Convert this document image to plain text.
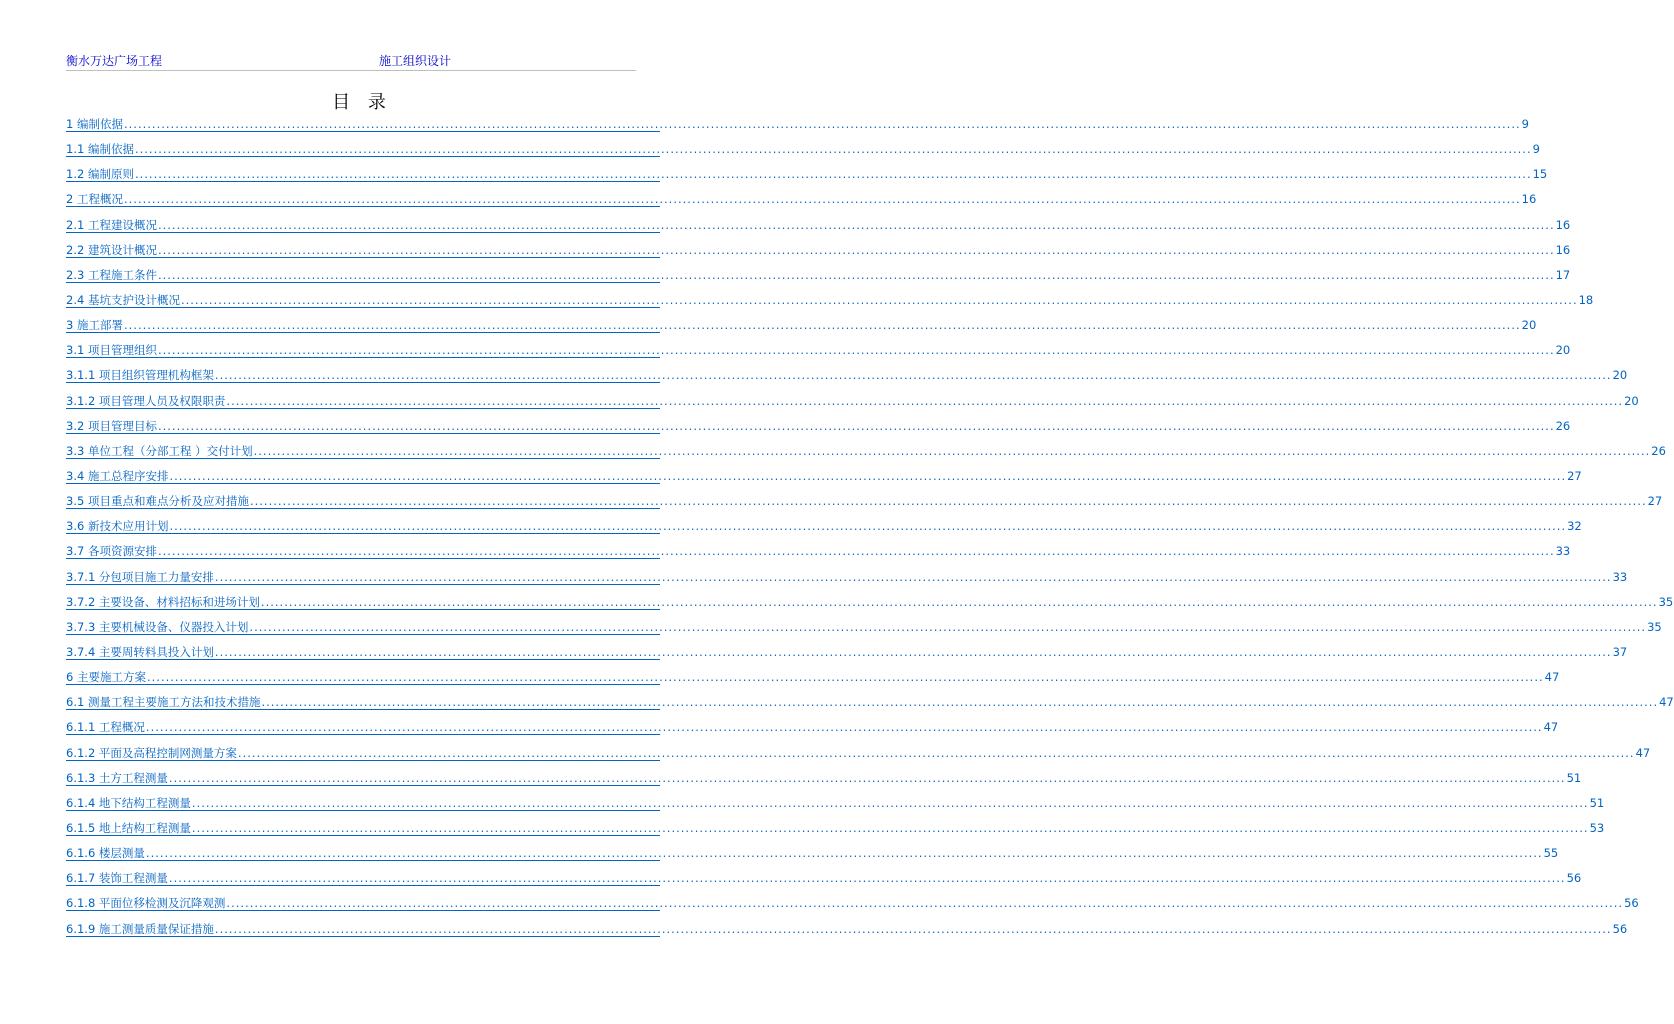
衡水万达广场工程	施工组织设计
目 录
1 编制依据 ............................................................................................................................................................................................................................................................................................................ 9
1.1 编制依据 ............................................................................................................................................................................................................................................................................................................ 9
1.2 编制原则 ............................................................................................................................................................................................................................................................................................................ 15
2 工程概况 ............................................................................................................................................................................................................................................................................................................ 16
2.1 工程建设概况 ............................................................................................................................................................................................................................................................................................................ 16
2.2 建筑设计概况 ............................................................................................................................................................................................................................................................................................................ 16
2.3 工程施工条件 ............................................................................................................................................................................................................................................................................................................ 17
2.4 基坑支护设计概况 ............................................................................................................................................................................................................................................................................................................ 18
3 施工部署 ............................................................................................................................................................................................................................................................................................................ 20
3.1 项目管理组织 ............................................................................................................................................................................................................................................................................................................ 20
3.1.1 项目组织管理机构框架 ............................................................................................................................................................................................................................................................................................................ 20
3.1.2 项目管理人员及权限职责 ............................................................................................................................................................................................................................................................................................................ 20
3.2 项目管理目标 ............................................................................................................................................................................................................................................................................................................ 26
3.3 单位工程（分部工程 ）交付计划 ............................................................................................................................................................................................................................................................................................................ 26
3.4 施工总程序安排 ............................................................................................................................................................................................................................................................................................................ 27
3.5 项目重点和难点分析及应对措施 ............................................................................................................................................................................................................................................................................................................ 27
3.6 新技术应用计划 ............................................................................................................................................................................................................................................................................................................ 32
3.7 各项资源安排 ............................................................................................................................................................................................................................................................................................................ 33
3.7.1 分包项目施工力量安排 ............................................................................................................................................................................................................................................................................................................ 33
3.7.2 主要设备、材料招标和进场计划 ............................................................................................................................................................................................................................................................................................................ 35
3.7.3 主要机械设备、仪器投入计划 ............................................................................................................................................................................................................................................................................................................ 35
3.7.4 主要周转料具投入计划 ............................................................................................................................................................................................................................................................................................................ 37
6 主要施工方案 ............................................................................................................................................................................................................................................................................................................ 47
6.1 测量工程主要施工方法和技术措施 ............................................................................................................................................................................................................................................................................................................ 47
6.1.1 工程概况 ............................................................................................................................................................................................................................................................................................................ 47
6.1.2 平面及高程控制网测量方案 ............................................................................................................................................................................................................................................................................................................ 47
6.1.3 土方工程测量 ............................................................................................................................................................................................................................................................................................................ 51
6.1.4 地下结构工程测量 ............................................................................................................................................................................................................................................................................................................ 51
6.1.5 地上结构工程测量 ............................................................................................................................................................................................................................................................................................................ 53
6.1.6 楼层测量 ............................................................................................................................................................................................................................................................................................................ 55
6.1.7 装饰工程测量 ............................................................................................................................................................................................................................................................................................................ 56
6.1.8 平面位移检测及沉降观测 ............................................................................................................................................................................................................................................................................................................ 56
6.1.9 施工测量质量保证措施 ............................................................................................................................................................................................................................................................................................................ 56
